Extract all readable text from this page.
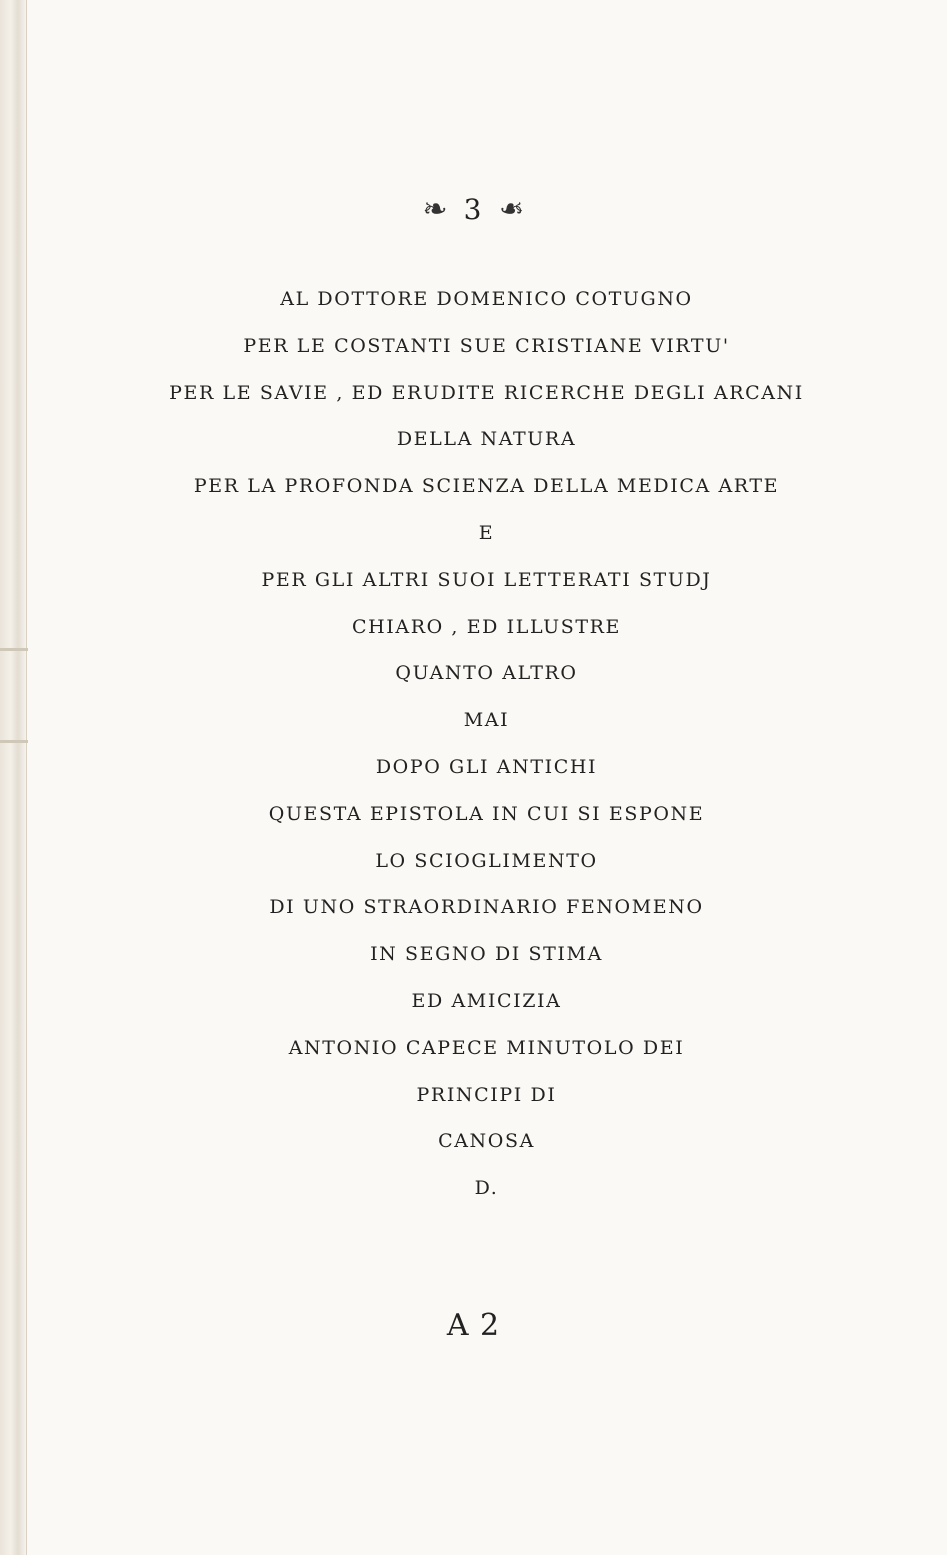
❧ 3 ❧
AL DOTTORE DOMENICO COTUGNO
PER LE COSTANTI SUE CRISTIANE VIRTU'
PER LE SAVIE , ED ERUDITE RICERCHE DEGLI ARCANI
DELLA NATURA
PER LA PROFONDA SCIENZA DELLA MEDICA ARTE
E
PER GLI ALTRI SUOI LETTERATI STUDJ
CHIARO , ED ILLUSTRE
QUANTO ALTRO
MAI
DOPO GLI ANTICHI
QUESTA EPISTOLA IN CUI SI ESPONE
LO SCIOGLIMENTO
DI UNO STRAORDINARIO FENOMENO
IN SEGNO DI STIMA
ED AMICIZIA
ANTONIO CAPECE MINUTOLO DEI
PRINCIPI DI
CANOSA
D.
A 2
